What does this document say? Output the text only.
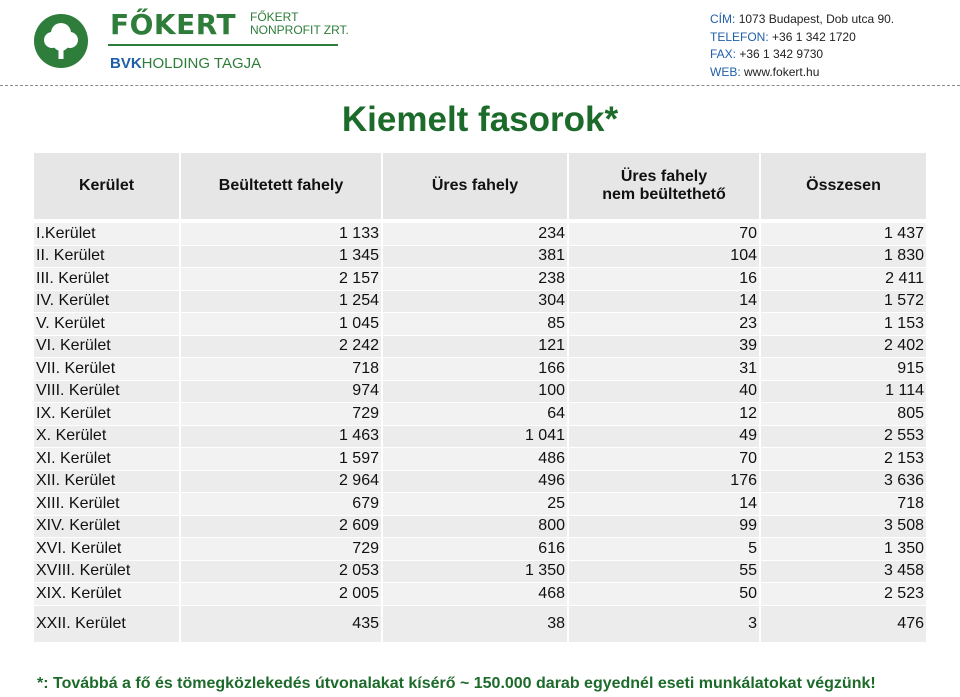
FŐKERT FŐKERT
NONPROFIT ZRT.
BVKHOLDING TAGJA
CÍM: 1073 Budapest, Dob utca 90.
TELEFON: +36 1 342 1720
FAX: +36 1 342 9730
WEB: www.fokert.hu
Kiemelt fasorok*
Kerület	Beültetett fahely	Üres fahely	Üres fahely
nem beültethető	Összesen
I.Kerület	1 133	234	70	1 437
II. Kerület	1 345	381	104	1 830
III. Kerület	2 157	238	16	2 411
IV. Kerület	1 254	304	14	1 572
V. Kerület	1 045	85	23	1 153
VI. Kerület	2 242	121	39	2 402
VII. Kerület	718	166	31	915
VIII. Kerület	974	100	40	1 114
IX. Kerület	729	64	12	805
X. Kerület	1 463	1 041	49	2 553
XI. Kerület	1 597	486	70	2 153
XII. Kerület	2 964	496	176	3 636
XIII. Kerület	679	25	14	718
XIV. Kerület	2 609	800	99	3 508
XVI. Kerület	729	616	5	1 350
XVIII. Kerület	2 053	1 350	55	3 458
XIX. Kerület	2 005	468	50	2 523
XXII. Kerület	435	38	3	476
*: Továbbá a fő és tömegközlekedés útvonalakat kísérő ~ 150.000 darab egyednél eseti munkálatokat végzünk!
